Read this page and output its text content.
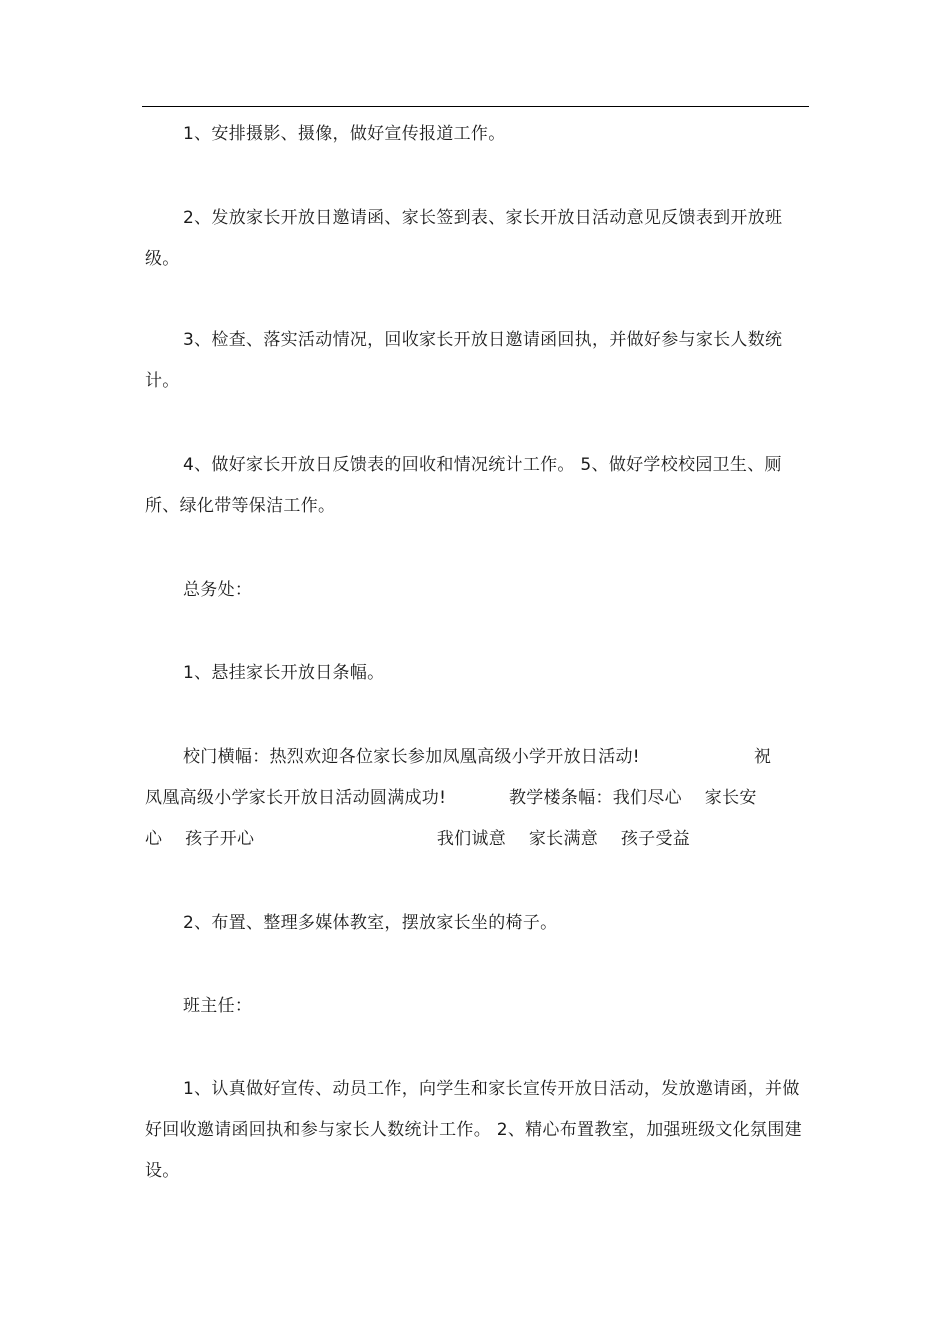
1、安排摄影、摄像，做好宣传报道工作。
2、发放家长开放日邀请函、家长签到表、家长开放日活动意见反馈表到开放班级。
3、检查、落实活动情况，回收家长开放日邀请函回执，并做好参与家长人数统计。
4、做好家长开放日反馈表的回收和情况统计工作。 5、做好学校校园卫生、厕所、绿化带等保洁工作。
总务处：
1、悬挂家长开放日条幅。
校门横幅：热烈欢迎各位家长参加凤凰高级小学开放日活动!                    祝
凤凰高级小学家长开放日活动圆满成功!           教学楼条幅：我们尽心    家长安
心    孩子开心                                我们诚意    家长满意    孩子受益
2、布置、整理多媒体教室，摆放家长坐的椅子。
班主任：
1、认真做好宣传、动员工作，向学生和家长宣传开放日活动，发放邀请函，并做好回收邀请函回执和参与家长人数统计工作。 2、精心布置教室，加强班级文化氛围建设。
